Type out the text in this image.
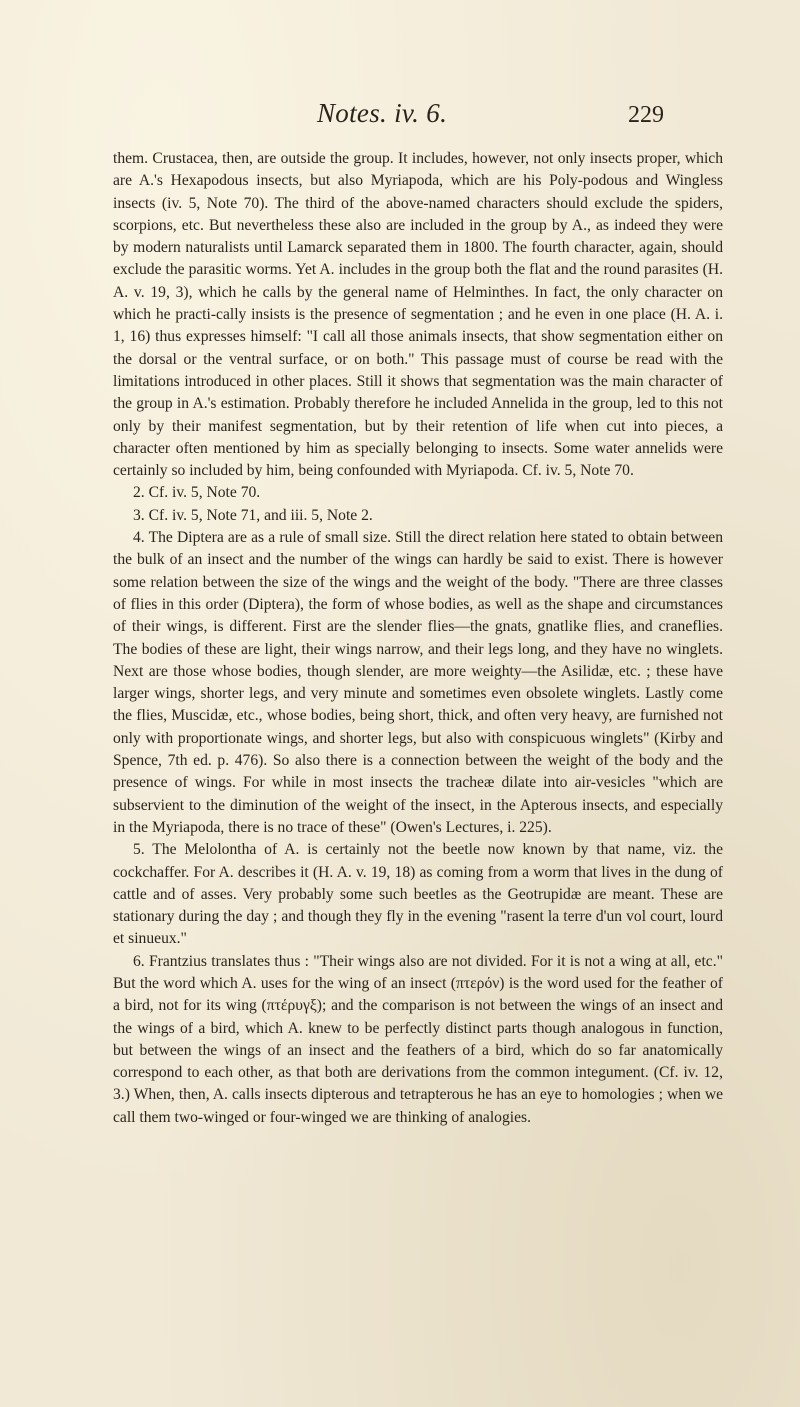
Notes. iv. 6.	229

them. Crustacea, then, are outside the group. It includes, however, not only insects proper, which are A.'s Hexapodous insects, but also Myriapoda, which are his Poly-podous and Wingless insects (iv. 5, Note 70). The third of the above-named characters should exclude the spiders, scorpions, etc. But nevertheless these also are included in the group by A., as indeed they were by modern naturalists until Lamarck separated them in 1800. The fourth character, again, should exclude the parasitic worms. Yet A. includes in the group both the flat and the round parasites (H. A. v. 19, 3), which he calls by the general name of Helminthes. In fact, the only character on which he practi-cally insists is the presence of segmentation ; and he even in one place (H. A. i. 1, 16) thus expresses himself: "I call all those animals insects, that show segmentation either on the dorsal or the ventral surface, or on both." This passage must of course be read with the limitations introduced in other places. Still it shows that segmentation was the main character of the group in A.'s estimation. Probably therefore he included Annelida in the group, led to this not only by their manifest segmentation, but by their retention of life when cut into pieces, a character often mentioned by him as specially belonging to insects. Some water annelids were certainly so included by him, being confounded with Myriapoda. Cf. iv. 5, Note 70.

2. Cf. iv. 5, Note 70.

3. Cf. iv. 5, Note 71, and iii. 5, Note 2.

4. The Diptera are as a rule of small size. Still the direct relation here stated to obtain between the bulk of an insect and the number of the wings can hardly be said to exist. There is however some relation between the size of the wings and the weight of the body. "There are three classes of flies in this order (Diptera), the form of whose bodies, as well as the shape and circumstances of their wings, is different. First are the slender flies—the gnats, gnatlike flies, and craneflies. The bodies of these are light, their wings narrow, and their legs long, and they have no winglets. Next are those whose bodies, though slender, are more weighty—the Asilidæ, etc. ; these have larger wings, shorter legs, and very minute and sometimes even obsolete winglets. Lastly come the flies, Muscidæ, etc., whose bodies, being short, thick, and often very heavy, are furnished not only with proportionate wings, and shorter legs, but also with conspicuous winglets" (Kirby and Spence, 7th ed. p. 476). So also there is a connection between the weight of the body and the presence of wings. For while in most insects the tracheæ dilate into air-vesicles "which are subservient to the diminution of the weight of the insect, in the Apterous insects, and especially in the Myriapoda, there is no trace of these" (Owen's Lectures, i. 225).

5. The Melolontha of A. is certainly not the beetle now known by that name, viz. the cockchaffer. For A. describes it (H. A. v. 19, 18) as coming from a worm that lives in the dung of cattle and of asses. Very probably some such beetles as the Geotrupidæ are meant. These are stationary during the day ; and though they fly in the evening "rasent la terre d'un vol court, lourd et sinueux."

6. Frantzius translates thus : "Their wings also are not divided. For it is not a wing at all, etc." But the word which A. uses for the wing of an insect (πτερόν) is the word used for the feather of a bird, not for its wing (πτέρυγξ); and the comparison is not between the wings of an insect and the wings of a bird, which A. knew to be perfectly distinct parts though analogous in function, but between the wings of an insect and the feathers of a bird, which do so far anatomically correspond to each other, as that both are derivations from the common integument. (Cf. iv. 12, 3.) When, then, A. calls insects dipterous and tetrapterous he has an eye to homologies ; when we call them two-winged or four-winged we are thinking of analogies.
